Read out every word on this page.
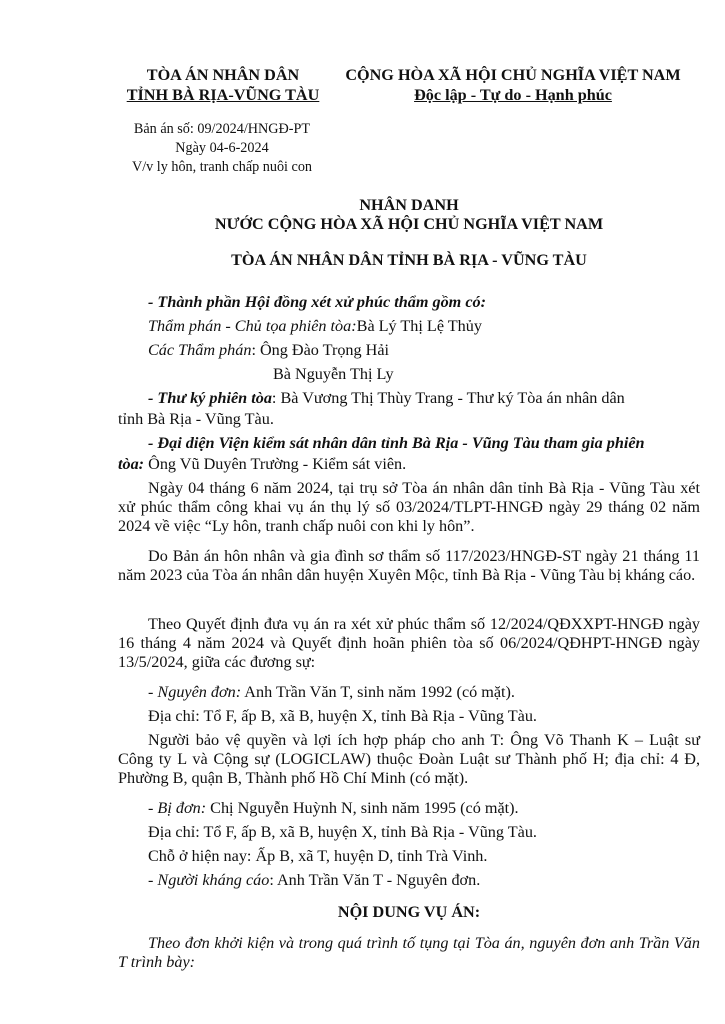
TÒA ÁN NHÂN DÂN
TỈNH BÀ RỊA-VŨNG TÀU
CỘNG HÒA XÃ HỘI CHỦ NGHĨA VIỆT NAM
Độc lập - Tự do - Hạnh phúc
Bản án số: 09/2024/HNGĐ-PT
Ngày 04-6-2024
V/v ly hôn, tranh chấp nuôi con
NHÂN DANH
NƯỚC CỘNG HÒA XÃ HỘI CHỦ NGHĨA VIỆT NAM
TÒA ÁN NHÂN DÂN TỈNH BÀ RỊA - VŨNG TÀU
- Thành phần Hội đồng xét xử phúc thẩm gồm có:
Thẩm phán - Chủ tọa phiên tòa:Bà Lý Thị Lệ Thủy
Các Thẩm phán: Ông Đào Trọng Hải
Bà Nguyễn Thị Ly
- Thư ký phiên tòa: Bà Vương Thị Thùy Trang - Thư ký Tòa án nhân dân
tỉnh Bà Rịa - Vũng Tàu.
- Đại diện Viện kiểm sát nhân dân tỉnh Bà Rịa - Vũng Tàu tham gia phiên
tòa: Ông Vũ Duyên Trường - Kiểm sát viên.
Ngày 04 tháng 6 năm 2024, tại trụ sở Tòa án nhân dân tỉnh Bà Rịa - Vũng Tàu xét xử phúc thẩm công khai vụ án thụ lý số 03/2024/TLPT-HNGĐ ngày 29 tháng 02 năm 2024 về việc “Ly hôn, tranh chấp nuôi con khi ly hôn”.
Do Bản án hôn nhân và gia đình sơ thẩm số 117/2023/HNGĐ-ST ngày 21 tháng 11 năm 2023 của Tòa án nhân dân huyện Xuyên Mộc, tỉnh Bà Rịa - Vũng Tàu bị kháng cáo.
Theo Quyết định đưa vụ án ra xét xử phúc thẩm số 12/2024/QĐXXPT-HNGĐ ngày 16 tháng 4 năm 2024 và Quyết định hoãn phiên tòa số 06/2024/QĐHPT-HNGĐ ngày 13/5/2024, giữa các đương sự:
- Nguyên đơn: Anh Trần Văn T, sinh năm 1992 (có mặt).
Địa chỉ: Tổ F, ấp B, xã B, huyện X, tỉnh Bà Rịa - Vũng Tàu.
Người bảo vệ quyền và lợi ích hợp pháp cho anh T: Ông Võ Thanh K – Luật sư Công ty L và Cộng sự (LOGICLAW) thuộc Đoàn Luật sư Thành phố H; địa chỉ: 4 Đ, Phường B, quận B, Thành phố Hồ Chí Minh (có mặt).
- Bị đơn: Chị Nguyễn Huỳnh N, sinh năm 1995 (có mặt).
Địa chỉ: Tổ F, ấp B, xã B, huyện X, tỉnh Bà Rịa - Vũng Tàu.
Chỗ ở hiện nay: Ấp B, xã T, huyện D, tỉnh Trà Vinh.
- Người kháng cáo: Anh Trần Văn T - Nguyên đơn.
NỘI DUNG VỤ ÁN:
Theo đơn khởi kiện và trong quá trình tố tụng tại Tòa án, nguyên đơn anh Trần Văn T trình bày:
